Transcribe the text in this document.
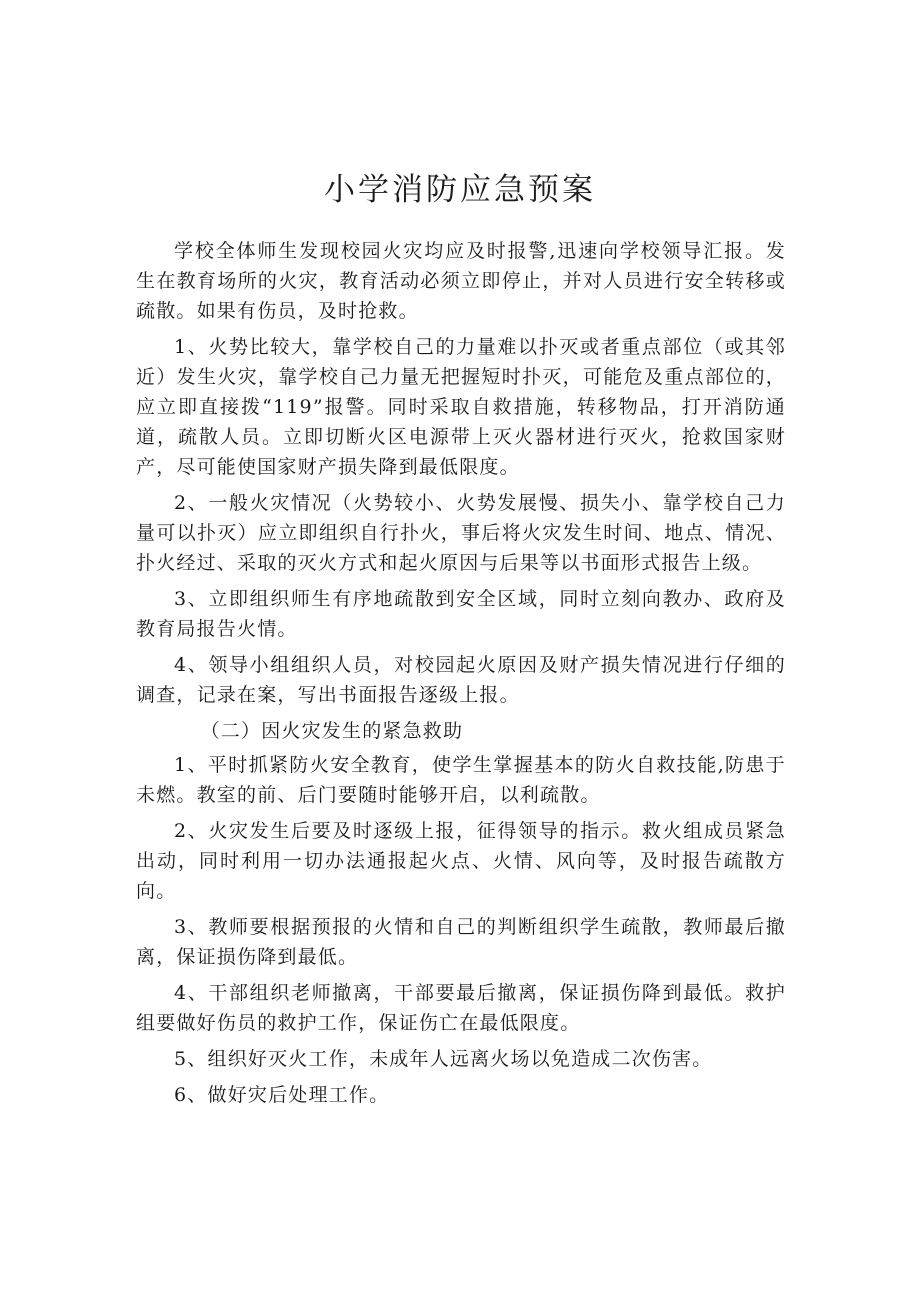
小学消防应急预案

学校全体师生发现校园火灾均应及时报警,迅速向学校领导汇报。发生在教育场所的火灾，教育活动必须立即停止，并对人员进行安全转移或疏散。如果有伤员，及时抢救。

1、火势比较大，靠学校自己的力量难以扑灭或者重点部位（或其邻近）发生火灾，靠学校自己力量无把握短时扑灭，可能危及重点部位的，应立即直接拨“119”报警。同时采取自救措施，转移物品，打开消防通道，疏散人员。立即切断火区电源带上灭火器材进行灭火，抢救国家财产，尽可能使国家财产损失降到最低限度。

2、一般火灾情况（火势较小、火势发展慢、损失小、靠学校自己力量可以扑灭）应立即组织自行扑火，事后将火灾发生时间、地点、情况、扑火经过、采取的灭火方式和起火原因与后果等以书面形式报告上级。

3、立即组织师生有序地疏散到安全区域，同时立刻向教办、政府及教育局报告火情。

4、领导小组组织人员，对校园起火原因及财产损失情况进行仔细的调查，记录在案，写出书面报告逐级上报。

（二）因火灾发生的紧急救助

1、平时抓紧防火安全教育，使学生掌握基本的防火自救技能,防患于未燃。教室的前、后门要随时能够开启，以利疏散。

2、火灾发生后要及时逐级上报，征得领导的指示。救火组成员紧急出动，同时利用一切办法通报起火点、火情、风向等，及时报告疏散方向。

3、教师要根据预报的火情和自己的判断组织学生疏散，教师最后撤离，保证损伤降到最低。

4、干部组织老师撤离，干部要最后撤离，保证损伤降到最低。救护组要做好伤员的救护工作，保证伤亡在最低限度。

5、组织好灭火工作，未成年人远离火场以免造成二次伤害。

6、做好灾后处理工作。
